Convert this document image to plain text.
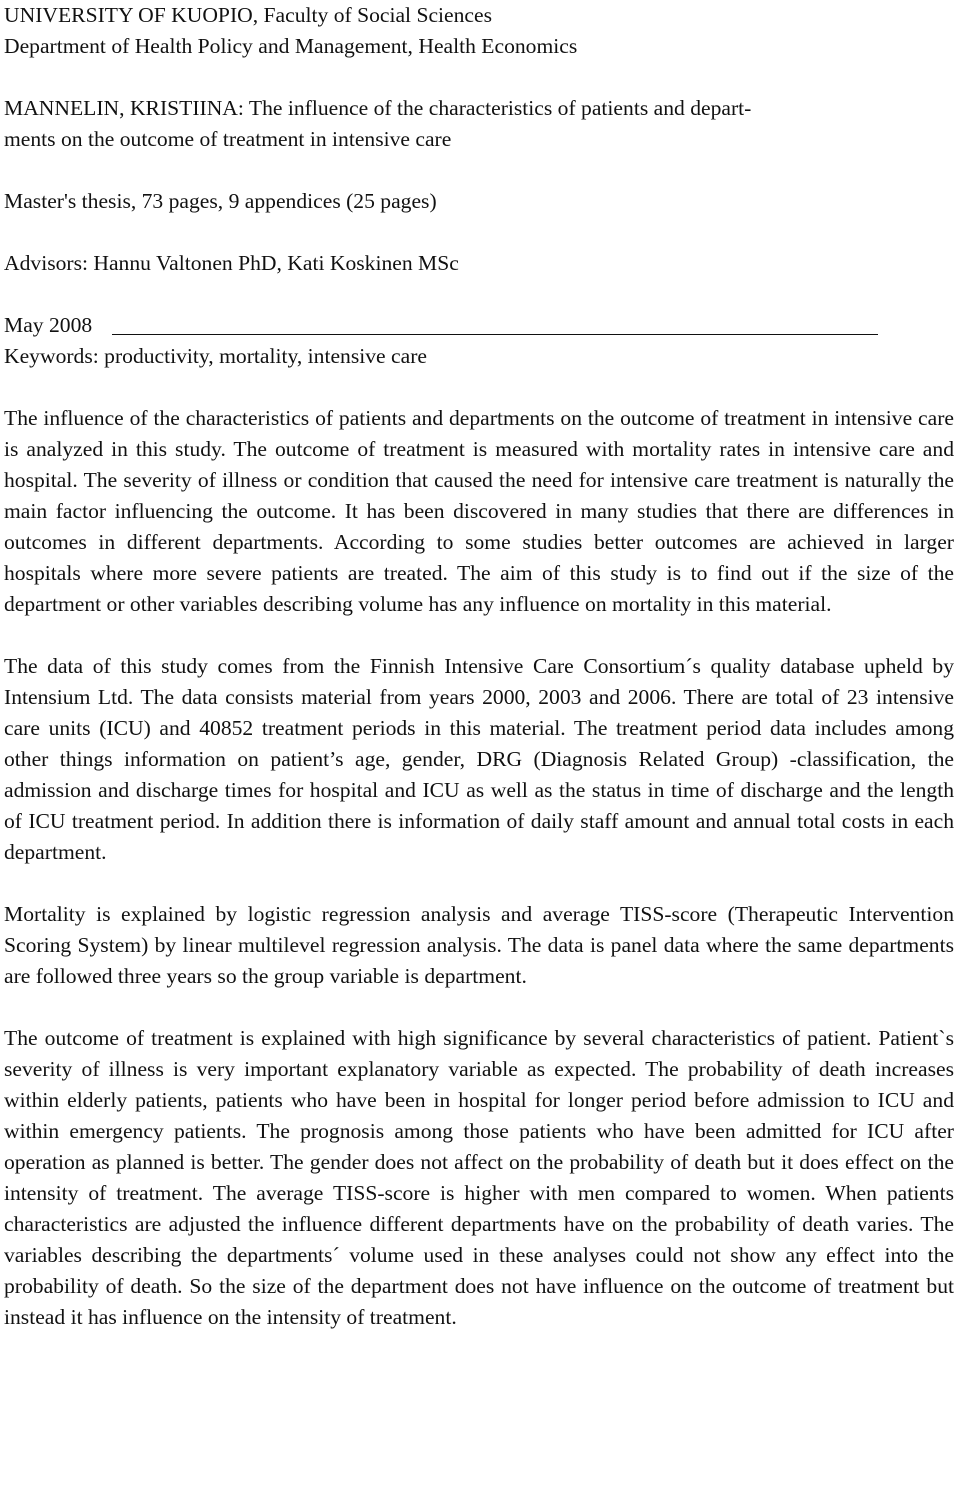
UNIVERSITY OF KUOPIO, Faculty of Social Sciences

Department of Health Policy and Management, Health Economics

MANNELIN, KRISTIINA: The influence of the characteristics of patients and depart-

ments on the outcome of treatment in intensive care

Master's thesis, 73 pages, 9 appendices (25 pages)

Advisors: Hannu Valtonen PhD, Kati Koskinen MSc

May 2008

Keywords: productivity, mortality, intensive care

The influence of the characteristics of patients and departments on the outcome of treatment in intensive care is analyzed in this study. The outcome of treatment is measured with mortality rates in intensive care and hospital. The severity of illness or condition that caused the need for intensive care treatment is naturally the main factor influencing the outcome. It has been discovered in many studies that there are differences in outcomes in different departments. According to some studies better outcomes are achieved in larger hospitals where more severe patients are treated. The aim of this study is to find out if the size of the department or other variables describing volume has any influence on mortality in this material.

The data of this study comes from the Finnish Intensive Care Consortium´s quality database upheld by Intensium Ltd. The data consists material from years 2000, 2003 and 2006. There are total of 23 intensive care units (ICU) and 40852 treatment periods in this material. The treatment period data includes among other things information on patient’s age, gender, DRG (Diagnosis Related Group) -classification, the admission and discharge times for hospital and ICU as well as the status in time of discharge and the length of ICU treatment period. In addition there is information of daily staff amount and annual total costs in each department.

Mortality is explained by logistic regression analysis and average TISS-score (Therapeutic Intervention Scoring System) by linear multilevel regression analysis. The data is panel data where the same departments are followed three years so the group variable is department.

The outcome of treatment is explained with high significance by several characteristics of patient. Patient`s severity of illness is very important explanatory variable as expected. The probability of death increases within elderly patients, patients who have been in hospital for longer period before admission to ICU and within emergency patients. The prognosis among those patients who have been admitted for ICU after operation as planned is better. The gender does not affect on the probability of death but it does effect on the intensity of treatment. The average TISS-score is higher with men compared to women. When patients characteristics are adjusted the influence different departments have on the probability of death varies. The variables describing the departments´ volume used in these analyses could not show any effect into the probability of death. So the size of the department does not have influence on the outcome of treatment but instead it has influence on the intensity of treatment.
